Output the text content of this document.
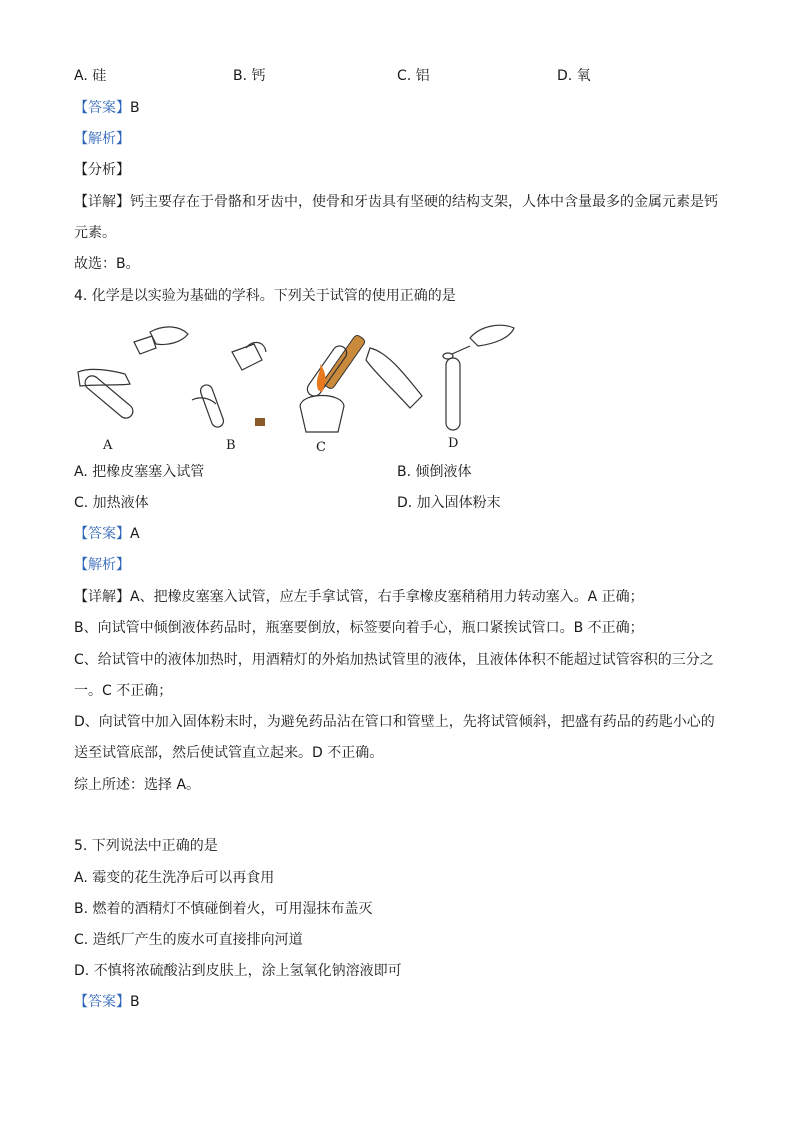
A. 硅	B. 钙	C. 铝	D. 氧
【答案】B
【解析】
【分析】
【详解】钙主要存在于骨骼和牙齿中，使骨和牙齿具有坚硬的结构支架，人体中含量最多的金属元素是钙
元素。
故选：B。
4. 化学是以实验为基础的学科。下列关于试管的使用正确的是
A	B	C	D
A. 把橡皮塞塞入试管	B. 倾倒液体
C. 加热液体	D. 加入固体粉末
【答案】A
【解析】
【详解】A、把橡皮塞塞入试管，应左手拿试管，右手拿橡皮塞稍稍用力转动塞入。A 正确；
B、向试管中倾倒液体药品时，瓶塞要倒放，标签要向着手心，瓶口紧挨试管口。B 不正确；
C、给试管中的液体加热时，用酒精灯的外焰加热试管里的液体，且液体体积不能超过试管容积的三分之
一。C 不正确；
D、向试管中加入固体粉末时，为避免药品沾在管口和管壁上，先将试管倾斜，把盛有药品的药匙小心的
送至试管底部，然后使试管直立起来。D 不正确。
综上所述：选择 A。
5. 下列说法中正确的是
A. 霉变的花生洗净后可以再食用
B. 燃着的酒精灯不慎碰倒着火，可用湿抹布盖灭
C. 造纸厂产生的废水可直接排向河道
D. 不慎将浓硫酸沾到皮肤上，涂上氢氧化钠溶液即可
【答案】B
